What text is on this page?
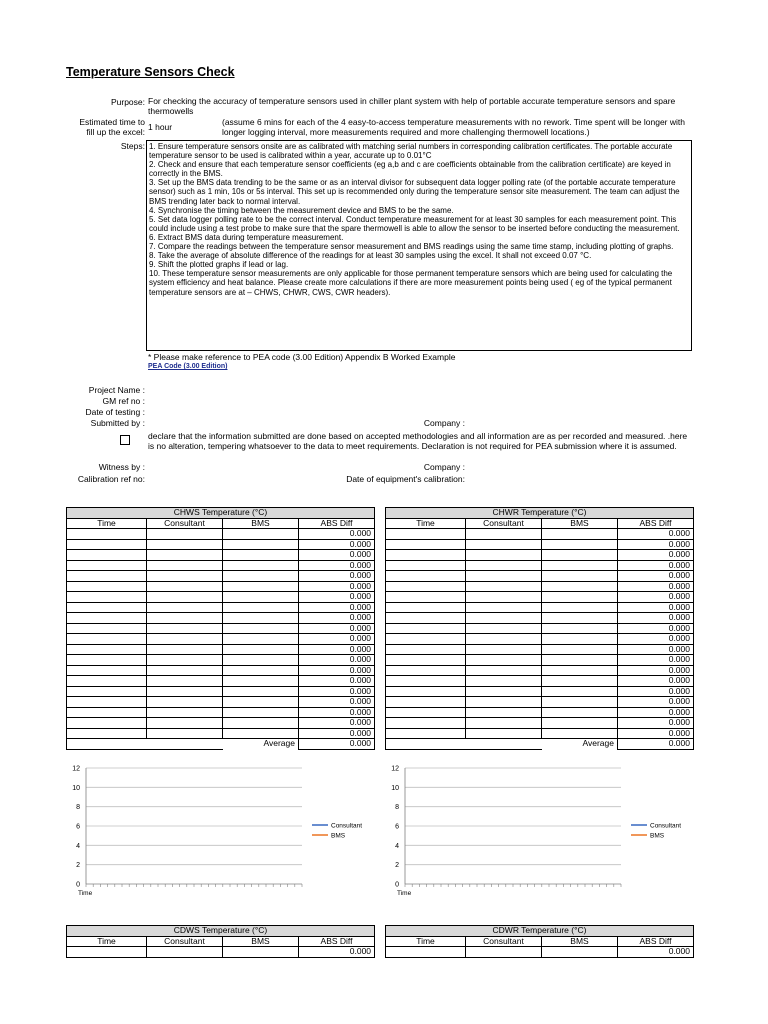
Temperature Sensors Check
Purpose: For checking the accuracy of temperature sensors used in chiller plant system with help of portable accurate temperature sensors and spare thermowells
Estimated time to
fill up the excel: 1 hour	(assume 6 mins for each of the 4 easy-to-access temperature measurements with no rework. Time spent will be longer with longer logging interval, more measurements required and more challenging thermowell locations.)
Steps: 1. Ensure temperature sensors onsite are as calibrated with matching serial numbers in corresponding calibration certificates. The portable accurate temperature sensor to be used is calibrated within a year, accurate up to 0.01°C
2. Check and ensure that each temperature sensor coefficients (eg a,b and c are coefficients obtainable from the calibration certificate) are keyed in correctly in the BMS.
3. Set up the BMS data trending to be the same or as an interval divisor for subsequent data logger polling rate (of the portable accurate temperature sensor) such as 1 min, 10s or 5s interval. This set up is recommended only during the temperature sensor site measurement. The team can adjust the BMS trending later back to normal interval.
4. Synchronise the timing between the measurement device and BMS to be the same.
5. Set data logger polling rate to be the correct interval. Conduct temperature measurement for at least 30 samples for each measurement point. This could include using a test probe to make sure that the spare thermowell is able to allow the sensor to be inserted before conducting the measurement.
6. Extract BMS data during temperature measurement.
7. Compare the readings between the temperature sensor measurement and BMS readings using the same time stamp, including plotting of graphs.
8. Take the average of absolute difference of the readings for at least 30 samples using the excel. It shall not exceed 0.07 °C.
9. Shift the plotted graphs if lead or lag.
10. These temperature sensor measurements are only applicable for those permanent temperature sensors which are being used for calculating the system efficiency and heat balance. Please create more calculations if there are more measurement points being used ( eg of the typical permanent temperature sensors are at – CHWS, CHWR, CWS, CWR headers).
* Please make reference to PEA code (3.00 Edition) Appendix B Worked Example
PEA Code (3.00 Edition)
Project Name :
GM ref no :
Date of testing :
Submitted by :	Company :
declare that the information submitted are done based on accepted methodologies and all information are as per recorded and measured. .here is no alteration, tempering whatsoever to the data to meet requirements. Declaration is not required for PEA submission where it is assumed.
Witness by :	Company :
Calibration ref no:	Date of equipment's calibration:
CHWS Temperature (°C)			
Time	Consultant	BMS	ABS Diff
			0.000
			0.000
			0.000
			0.000
			0.000
			0.000
			0.000
			0.000
			0.000
			0.000
			0.000
			0.000
			0.000
			0.000
			0.000
			0.000
			0.000
			0.000
			0.000
			0.000
		Average	0.000
CHWR Temperature (°C)			
Time	Consultant	BMS	ABS Diff
			0.000
			0.000
			0.000
			0.000
			0.000
			0.000
			0.000
			0.000
			0.000
			0.000
			0.000
			0.000
			0.000
			0.000
			0.000
			0.000
			0.000
			0.000
			0.000
			0.000
		Average	0.000
CDWS Temperature (°C)			
Time	Consultant	BMS	ABS Diff
			0.000
CDWR Temperature (°C)			
Time	Consultant	BMS	ABS Diff
			0.000
0
2
4
6
8
10
12
Time
Consultant
BMS
0
2
4
6
8
10
12
Time
Consultant
BMS
